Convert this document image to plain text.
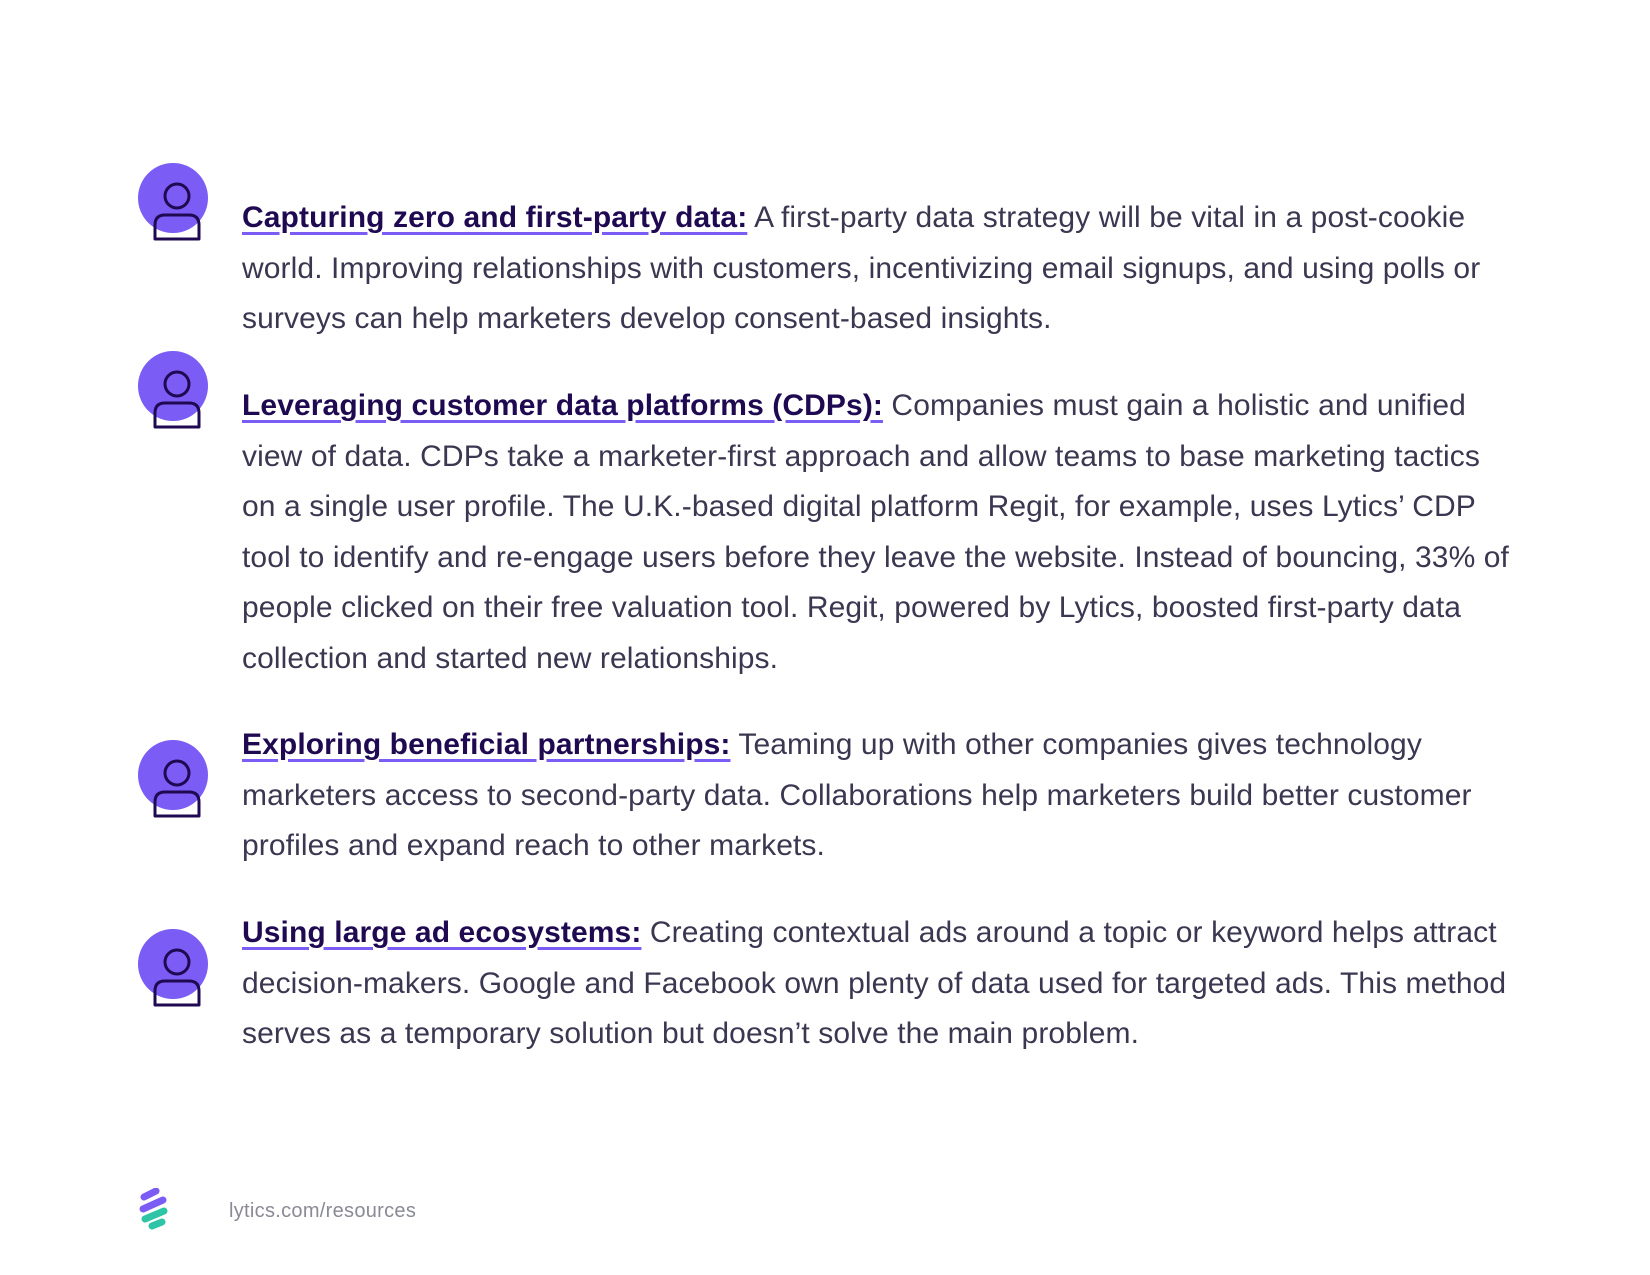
Capturing zero and first-party data: A first-party data strategy will be vital in a post-cookie world. Improving relationships with customers, incentivizing email signups, and using polls or surveys can help marketers develop consent-based insights.

Leveraging customer data platforms (CDPs): Companies must gain a holistic and unified view of data. CDPs take a marketer-first approach and allow teams to base marketing tactics on a single user profile. The U.K.-based digital platform Regit, for example, uses Lytics’ CDP tool to identify and re-engage users before they leave the website. Instead of bouncing, 33% of people clicked on their free valuation tool. Regit, powered by Lytics, boosted first-party data collection and started new relationships.

Exploring beneficial partnerships: Teaming up with other companies gives technology marketers access to second-party data. Collaborations help marketers build better customer profiles and expand reach to other markets.

Using large ad ecosystems: Creating contextual ads around a topic or keyword helps attract decision-makers. Google and Facebook own plenty of data used for targeted ads. This method serves as a temporary solution but doesn’t solve the main problem.

lytics.com/resources
